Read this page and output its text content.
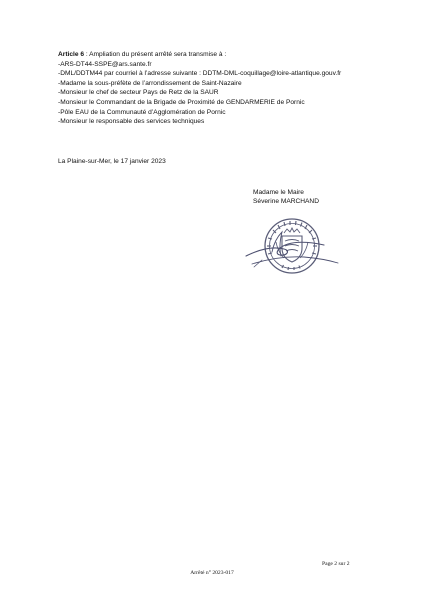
Article 6 : Ampliation du présent arrêté sera transmise à :
-ARS-DT44-SSPE@ars.sante.fr
-DML/DDTM44 par courriel à l’adresse suivante : DDTM-DML-coquillage@loire-atlantique.gouv.fr
-Madame la sous-préfète de l’arrondissement de Saint-Nazaire
-Monsieur le chef de secteur Pays de Retz de la SAUR
-Monsieur le Commandant de la Brigade de Proximité de GENDARMERIE de Pornic
-Pôle EAU de la Communauté d’Agglomération de Pornic
-Monsieur le responsable des services techniques
La Plaine-sur-Mer, le 17 janvier 2023
Madame le Maire
Séverine MARCHAND
Page 2 sur 2
Arrêté n° 2023-017
